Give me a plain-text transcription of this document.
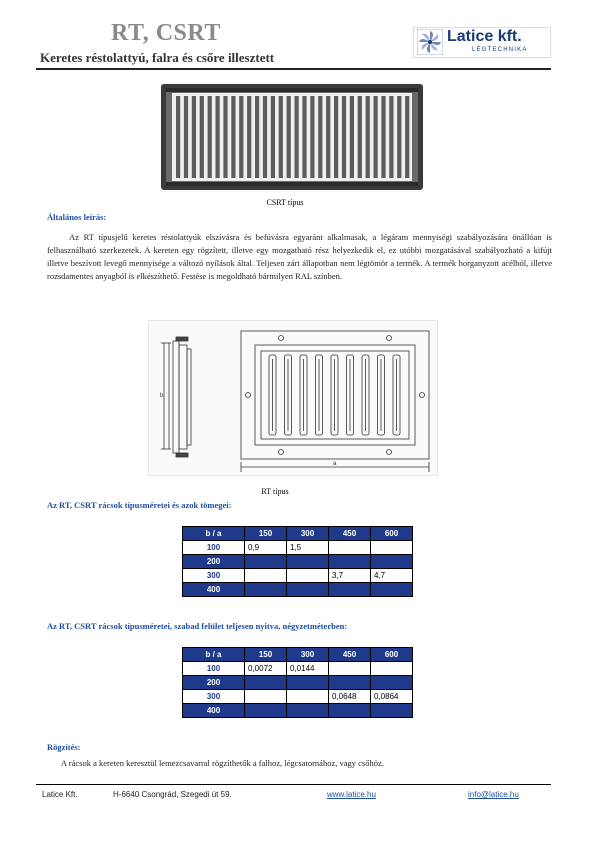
RT, CSRT
Keretes réstolattyú, falra és csőre illesztett
Latice kft.
LÉGTECHNIKA
CSRT típus
Általános leírás:
Az RT típusjelű keretes réstolattyúk elszívásra és befúvásra egyaránt alkalmasak, a légáram mennyiségi szabályozására önállóan is felhasználható szerkezetek. A kereten egy rögzített, illetve egy mozgatható rész helyezkedik el, ez utóbbi mozgatásával szabályozható a kifújt illetve beszívott levegő mennyisége a változó nyílások által. Teljesen zárt állapotban nem légtömör a termék. A termék horganyzott acélból, illetve rozsdamentes anyagból is elkészíthető. Festése is megoldható bármilyen RAL színben.
b
a
RT típus
Az RT, CSRT rácsok típusméretei és azok tömegei:
b / a	150	300	450	600
100	0,9	1,5		
200				
300			3,7	4,7
400				
Az RT, CSRT rácsok típusméretei, szabad felület teljesen nyitva, négyzetméterben:
b / a	150	300	450	600
100	0,0072	0,0144		
200				
300			0,0648	0,0864
400				
Rögzítés:
A rácsok a kereten keresztül lemezcsavarral rögzíthetők a falhoz, légcsatornához, vagy csőhöz.
Latice Kft.	H-6640 Csongrád, Szegedi út 59.	www.latice.hu	info@latice.hu
